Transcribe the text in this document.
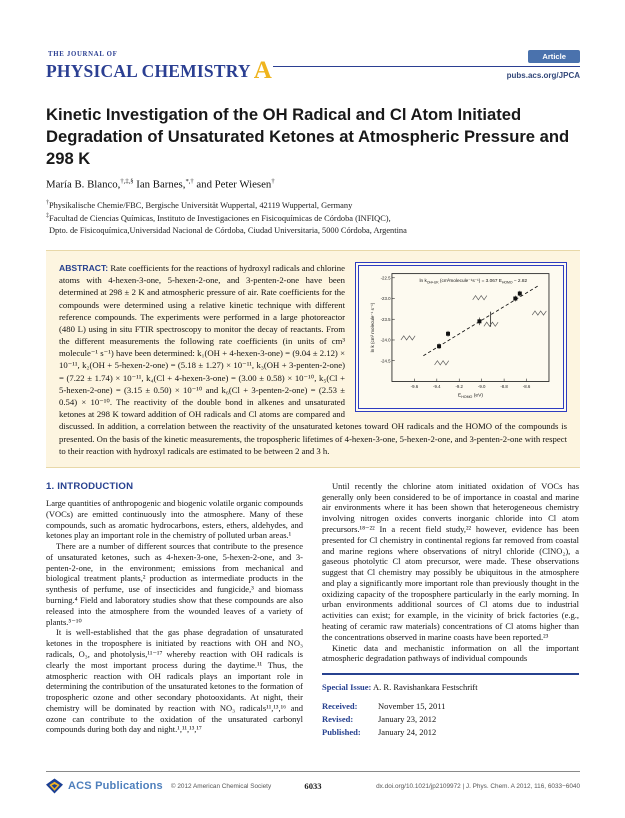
THE JOURNAL OF
PHYSICAL CHEMISTRY A
Article
pubs.acs.org/JPCA
Kinetic Investigation of the OH Radical and Cl Atom Initiated Degradation of Unsaturated Ketones at Atmospheric Pressure and 298 K
María B. Blanco,†,‡,§ Ian Barnes,*,† and Peter Wiesen†
†Physikalische Chemie/FBC, Bergische Universität Wuppertal, 42119 Wuppertal, Germany
‡Facultad de Ciencias Químicas, Instituto de Investigaciones en Fisicoquímicas de Córdoba (INFIQC),
Dpto. de Fisicoquímica,Universidad Nacional de Córdoba, Ciudad Universitaria, 5000 Córdoba, Argentina
-9.6	-9.4	-9.2	-9.0	-8.8	-8.6
-24.5
-24.0
-23.5
-23.0
-22.5
$\ln k_{OH+UK}$ (cm³molecule⁻¹s⁻¹) = 3.067 $E_{HOMO} - 2.82$
$E_{HOMO}$ (eV)
ln k (cm³ molecule⁻¹ s⁻¹)

ABSTRACT: Rate coefficients for the reactions of hydroxyl radicals and chlorine atoms with 4-hexen-3-one, 5-hexen-2-one, and 3-penten-2-one have been determined at 298 ± 2 K and atmospheric pressure of air. Rate coefficients for the compounds were determined using a relative kinetic technique with different reference compounds. The experiments were performed in a large photoreactor (480 L) using in situ FTIR spectroscopy to monitor the decay of reactants. From the different measurements the following rate coefficients (in units of cm³ molecule⁻¹ s⁻¹) have been determined: k₁(OH + 4-hexen-3-one) = (9.04 ± 2.12) × 10⁻¹¹, k₂(OH + 5-hexen-2-one) = (5.18 ± 1.27) × 10⁻¹¹, k₃(OH + 3-penten-2-one) = (7.22 ± 1.74) × 10⁻¹¹, k₄(Cl + 4-hexen-3-one) = (3.00 ± 0.58) × 10⁻¹⁰, k₅(Cl + 5-hexen-2-one) = (3.15 ± 0.50) × 10⁻¹⁰ and k₆(Cl + 3-penten-2-one) = (2.53 ± 0.54) × 10⁻¹⁰. The reactivity of the double bond in alkenes and unsaturated ketones at 298 K toward addition of OH radicals and Cl atoms are compared and discussed. In addition, a correlation between the reactivity of the unsaturated ketones toward OH radicals and the HOMO of the compounds is presented. On the basis of the kinetic measurements, the tropospheric lifetimes of 4-hexen-3-one, 5-hexen-2-one, and 3-penten-2-one with respect to their reaction with hydroxyl radicals are estimated to be between 2 and 3 h.

1. INTRODUCTION

Large quantities of anthropogenic and biogenic volatile organic compounds (VOCs) are emitted continuously into the atmosphere. Many of these compounds, such as aromatic hydrocarbons, esters, ethers, aldehydes, and ketones play an important role in the chemistry of polluted urban areas.¹

There are a number of different sources that contribute to the presence of unsaturated ketones, such as 4-hexen-3-one, 5-hexen-2-one, and 3-penten-2-one, in the environment; emissions from mechanical and biological treatment plants,² production as intermediate products in the synthesis of perfume, use of insecticides and fungicide,³ and biomass burning.⁴ Field and laboratory studies show that these compounds are also released into the atmosphere from the wounded leaves of a variety of plants.⁵⁻¹⁰

It is well-established that the gas phase degradation of unsaturated ketones in the troposphere is initiated by reactions with OH and NO₃ radicals, O₃, and photolysis,¹¹⁻¹⁷ whereby reaction with OH radicals is clearly the most important process during the daytime.¹¹ Thus, the atmospheric reaction with OH radicals plays an important role in determining the contribution of the unsaturated ketones to the formation of tropospheric ozone and other secondary photooxidants. At night, their chemistry will be dominated by reaction with NO₃ radicals¹¹,¹³,¹⁶ and ozone can contribute to the oxidation of the unsaturated carbonyl compounds during both day and night.¹,¹¹,¹³,¹⁷

Until recently the chlorine atom initiated oxidation of VOCs has generally only been considered to be of importance in coastal and marine air environments where it has been shown that heterogeneous chemistry involving nitrogen oxides converts inorganic chloride into Cl atom precursors.¹⁸⁻²² In a recent field study,²² however, evidence has been presented for Cl chemistry in continental regions far removed from coastal and marine regions where observations of nitryl chloride (ClNO₂), a gaseous photolytic Cl atom precursor, were made. These observations suggest that Cl chemistry may possibly be ubiquitous in the atmosphere and play a significantly more important role than previously thought in the oxidizing capacity of the troposphere particularly in the early morning. In urban environments additional sources of Cl atoms due to industrial activities can exist; for example, in the vicinity of brick factories (e.g., heating of ceramic raw materials) concentrations of Cl atoms higher than the concentrations observed in marine coasts have been reported.²³

Kinetic data and mechanistic information on all the important atmospheric degradation pathways of individual compounds

Special Issue: A. R. Ravishankara Festschrift
Received:	November 15, 2011
Revised:	January 23, 2012
Published:	January 24, 2012
ACS Publications © 2012 American Chemical Society	6033	dx.doi.org/10.1021/jp2109972 | J. Phys. Chem. A 2012, 116, 6033−6040
